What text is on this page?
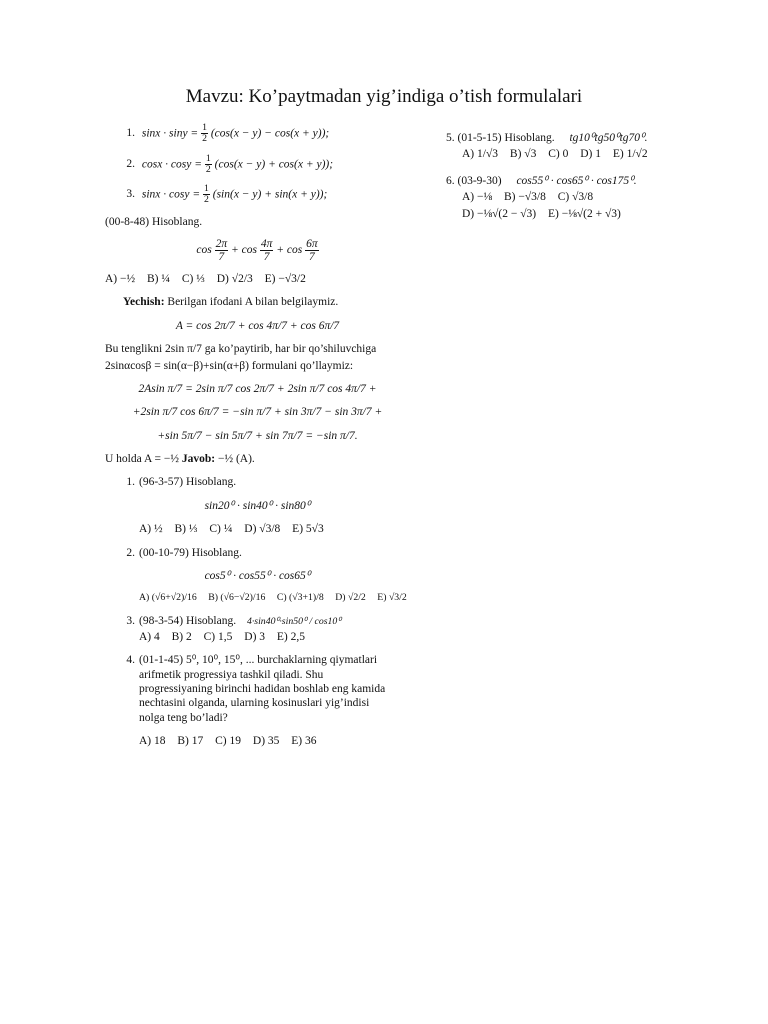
Mavzu: Ko’paytmadan yig’indiga o’tish formulalari
1. $\sin x \cdot \sin y = \frac{1}{2} (\cos(x - y) - \cos(x + y))$;
2. $\cos x \cdot \cos y = \frac{1}{2} (\cos(x - y) + \cos(x + y))$;
3. $\sin x \cdot \cos y = \frac{1}{2} (\sin(x - y) + \sin(x + y))$;
(00-8-48) Hisoblang.
$\cos \frac{2\pi}{7} + \cos \frac{4\pi}{7} + \cos \frac{6\pi}{7}$
A) −½ B) ¼ C) ⅓ D) √2/3 E) −√3/2
Yechish: Berilgan ifodani A bilan belgilaymiz.
A = cos 2π/7 + cos 4π/7 + cos 6π/7
Bu tenglikni 2sin π/7 ga ko’paytirib, har bir qo’shiluvchiga
2sinαcosβ = sin(α−β)+sin(α+β) formulani qo’llaymiz:
2Asin π/7 = 2sin π/7 cos 2π/7 + 2sin π/7 cos 4π/7 +
+2sin π/7 cos 6π/7 = −sin π/7 + sin 3π/7 − sin 3π/7 +
+sin 5π/7 − sin 5π/7 + sin 7π/7 = −sin π/7.
U holda A = −½ Javob: −½ (A).
1. (96-3-57) Hisoblang.
sin20⁰ · sin40⁰ · sin80⁰
A) ½ B) ⅓ C) ¼ D) √3/8 E) 5√3
2. (00-10-79) Hisoblang.
cos5⁰ · cos55⁰ · cos65⁰
A) (√6+√2)/16 B) (√6−√2)/16 C) (√3+1)/8 D) √2/2 E) √3/2
3. (98-3-54) Hisoblang. 4·sin40⁰·sin50⁰ / cos10⁰
A) 4 B) 2 C) 1,5 D) 3 E) 2,5
4. (01-1-45) 5⁰, 10⁰, 15⁰, ... burchaklarning qiymatlari arifmetik progressiya tashkil qiladi. Shu progressiyaning birinchi hadidan boshlab eng kamida nechtasini olganda, ularning kosinuslari yig’indisi nolga teng bo’ladi?
A) 18 B) 17 C) 19 D) 35 E) 36
5. (01-5-15) Hisoblang. tg10⁰tg50⁰tg70⁰.
A) 1/√3 B) √3 C) 0 D) 1 E) 1/√2
6. (03-9-30) cos55⁰ · cos65⁰ · cos175⁰.
A) −⅛ B) −√3/8 C) √3/8
D) −⅛√(2 − √3) E) −⅛√(2 + √3)
